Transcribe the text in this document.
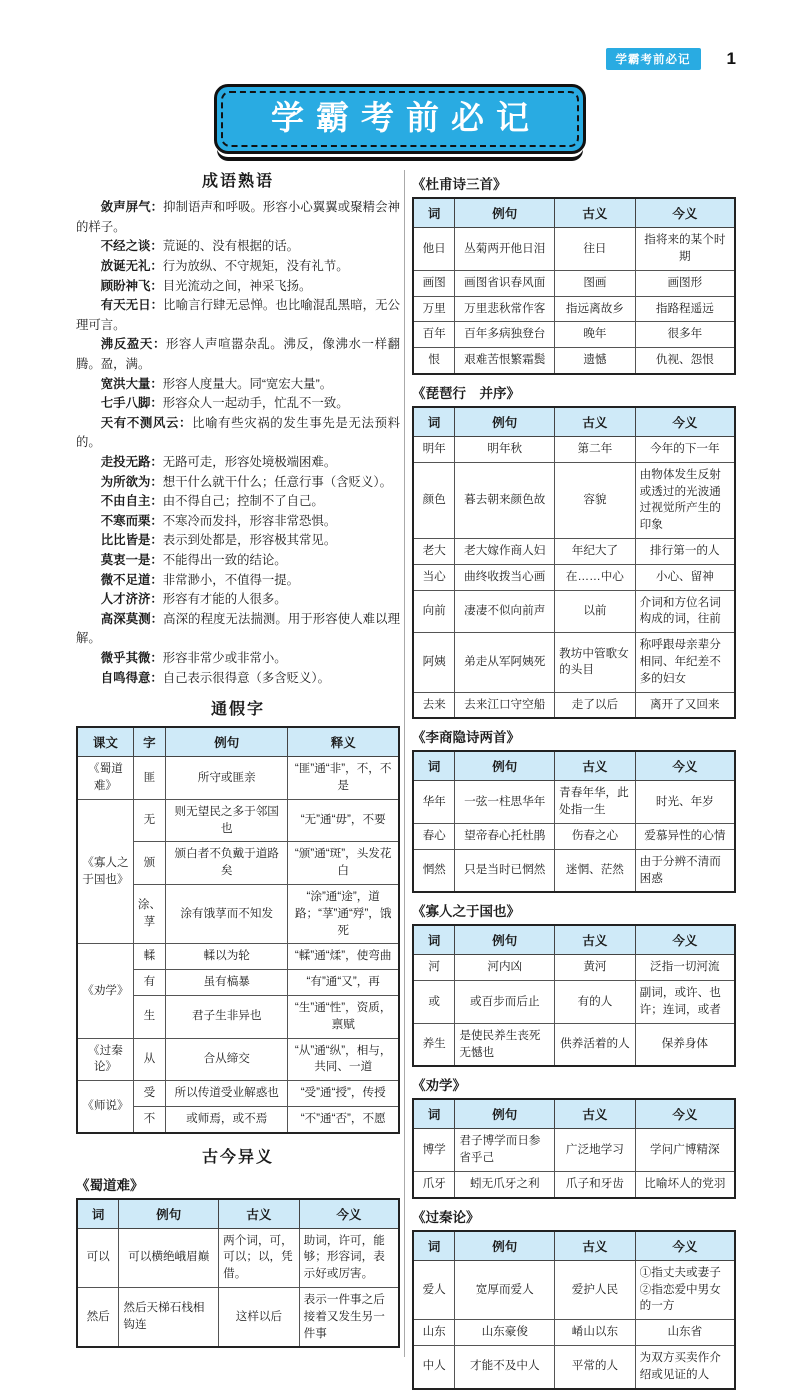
学霸考前必记	1
学霸考前必记
成语熟语

敛声屏气：抑制语声和呼吸。形容小心翼翼或聚精会神的样子。

不经之谈：荒诞的、没有根据的话。

放诞无礼：行为放纵、不守规矩，没有礼节。

顾盼神飞：目光流动之间，神采飞扬。

有天无日：比喻言行肆无忌惮。也比喻混乱黑暗，无公理可言。

沸反盈天：形容人声喧嚣杂乱。沸反，像沸水一样翻腾。盈，满。

宽洪大量：形容人度量大。同“宽宏大量”。

七手八脚：形容众人一起动手，忙乱不一致。

天有不测风云：比喻有些灾祸的发生事先是无法预料的。

走投无路：无路可走，形容处境极端困难。

为所欲为：想干什么就干什么；任意行事（含贬义）。

不由自主：由不得自己；控制不了自己。

不寒而栗：不寒冷而发抖，形容非常恐惧。

比比皆是：表示到处都是，形容极其常见。

莫衷一是：不能得出一致的结论。

微不足道：非常渺小，不值得一提。

人才济济：形容有才能的人很多。

高深莫测：高深的程度无法揣测。用于形容使人难以理解。

微乎其微：形容非常少或非常小。

自鸣得意：自己表示很得意（多含贬义）。

通假字
课文	字	例句	释义
《蜀道难》	匪	所守或匪亲	“匪”通“非”，不，不是
《寡人之于国也》	无	则无望民之多于邻国也	“无”通“毋”，不要
	颁	颁白者不负戴于道路矣	“颁”通“斑”，头发花白
	涂、莩	涂有饿莩而不知发	“涂”通“途”，道路；“莩”通“殍”，饿死
《劝学》	輮	輮以为轮	“輮”通“煣”，使弯曲
	有	虽有槁暴	“有”通“又”，再
	生	君子生非异也	“生”通“性”，资质，禀赋
《过秦论》	从	合从缔交	“从”通“纵”，相与，共同、一道
《师说》	受	所以传道受业解惑也	“受”通“授”，传授
	不	或师焉，或不焉	“不”通“否”，不愿
古今异义
《蜀道难》
词	例句	古义	今义
可以	可以横绝峨眉巅	两个词，可，可以；以，凭借。	助词，许可，能够；形容词，表示好或厉害。
然后	然后天梯石栈相钩连	这样以后	表示一件事之后接着又发生另一件事
《杜甫诗三首》
词	例句	古义	今义
他日	丛菊两开他日泪	往日	指将来的某个时期
画图	画图省识春风面	图画	画图形
万里	万里悲秋常作客	指远离故乡	指路程遥远
百年	百年多病独登台	晚年	很多年
恨	艰难苦恨繁霜鬓	遗憾	仇视、怨恨
《琵琶行　并序》
词	例句	古义	今义
明年	明年秋	第二年	今年的下一年
颜色	暮去朝来颜色故	容貌	由物体发生反射或透过的光波通过视觉所产生的印象
老大	老大嫁作商人妇	年纪大了	排行第一的人
当心	曲终收拨当心画	在……中心	小心、留神
向前	凄凄不似向前声	以前	介词和方位名词构成的词，往前
阿姨	弟走从军阿姨死	教坊中管歌女的头目	称呼跟母亲辈分相同、年纪差不多的妇女
去来	去来江口守空船	走了以后	离开了又回来
《李商隐诗两首》
词	例句	古义	今义
华年	一弦一柱思华年	青春年华，此处指一生	时光、年岁
春心	望帝春心托杜鹃	伤春之心	爱慕异性的心情
惘然	只是当时已惘然	迷惘、茫然	由于分辨不清而困惑
《寡人之于国也》
词	例句	古义	今义
河	河内凶	黄河	泛指一切河流
或	或百步而后止	有的人	副词，或许、也许；连词，或者
养生	是使民养生丧死无憾也	供养活着的人	保养身体
《劝学》
词	例句	古义	今义
博学	君子博学而日参省乎己	广泛地学习	学问广博精深
爪牙	蚓无爪牙之利	爪子和牙齿	比喻坏人的党羽
《过秦论》
词	例句	古义	今义
爱人	宽厚而爱人	爱护人民	①指丈夫或妻子②指恋爱中男女的一方
山东	山东豪俊	崤山以东	山东省
中人	才能不及中人	平常的人	为双方买卖作介绍或见证的人
